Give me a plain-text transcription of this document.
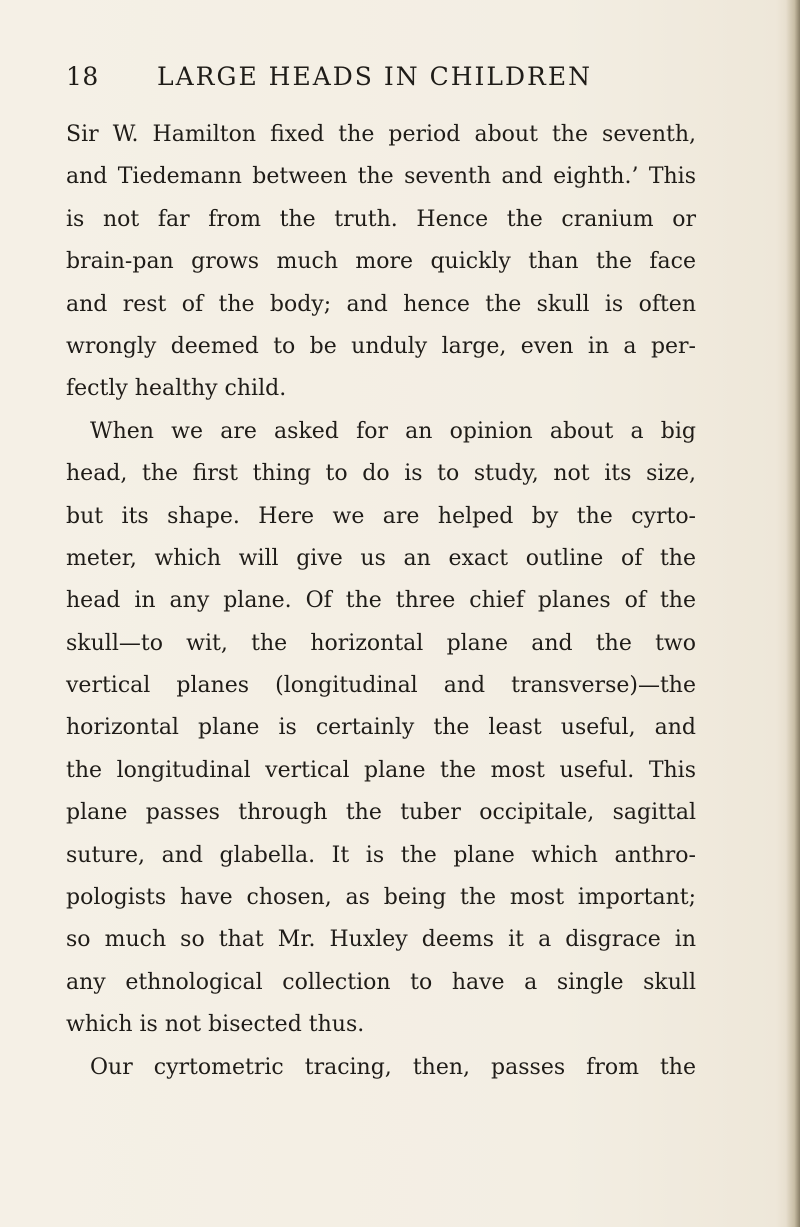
18 LARGE HEADS IN CHILDREN
Sir W. Hamilton fixed the period about the seventh,
and Tiedemann between the seventh and eighth.’ This
is not far from the truth. Hence the cranium or
brain-pan grows much more quickly than the face
and rest of the body; and hence the skull is often
wrongly deemed to be unduly large, even in a per-
fectly healthy child.
When we are asked for an opinion about a big
head, the first thing to do is to study, not its size,
but its shape. Here we are helped by the cyrto-
meter, which will give us an exact outline of the
head in any plane. Of the three chief planes of the
skull—to wit, the horizontal plane and the two
vertical planes (longitudinal and transverse)—the
horizontal plane is certainly the least useful, and
the longitudinal vertical plane the most useful. This
plane passes through the tuber occipitale, sagittal
suture, and glabella. It is the plane which anthro-
pologists have chosen, as being the most important;
so much so that Mr. Huxley deems it a disgrace in
any ethnological collection to have a single skull
which is not bisected thus.
Our cyrtometric tracing, then, passes from the
